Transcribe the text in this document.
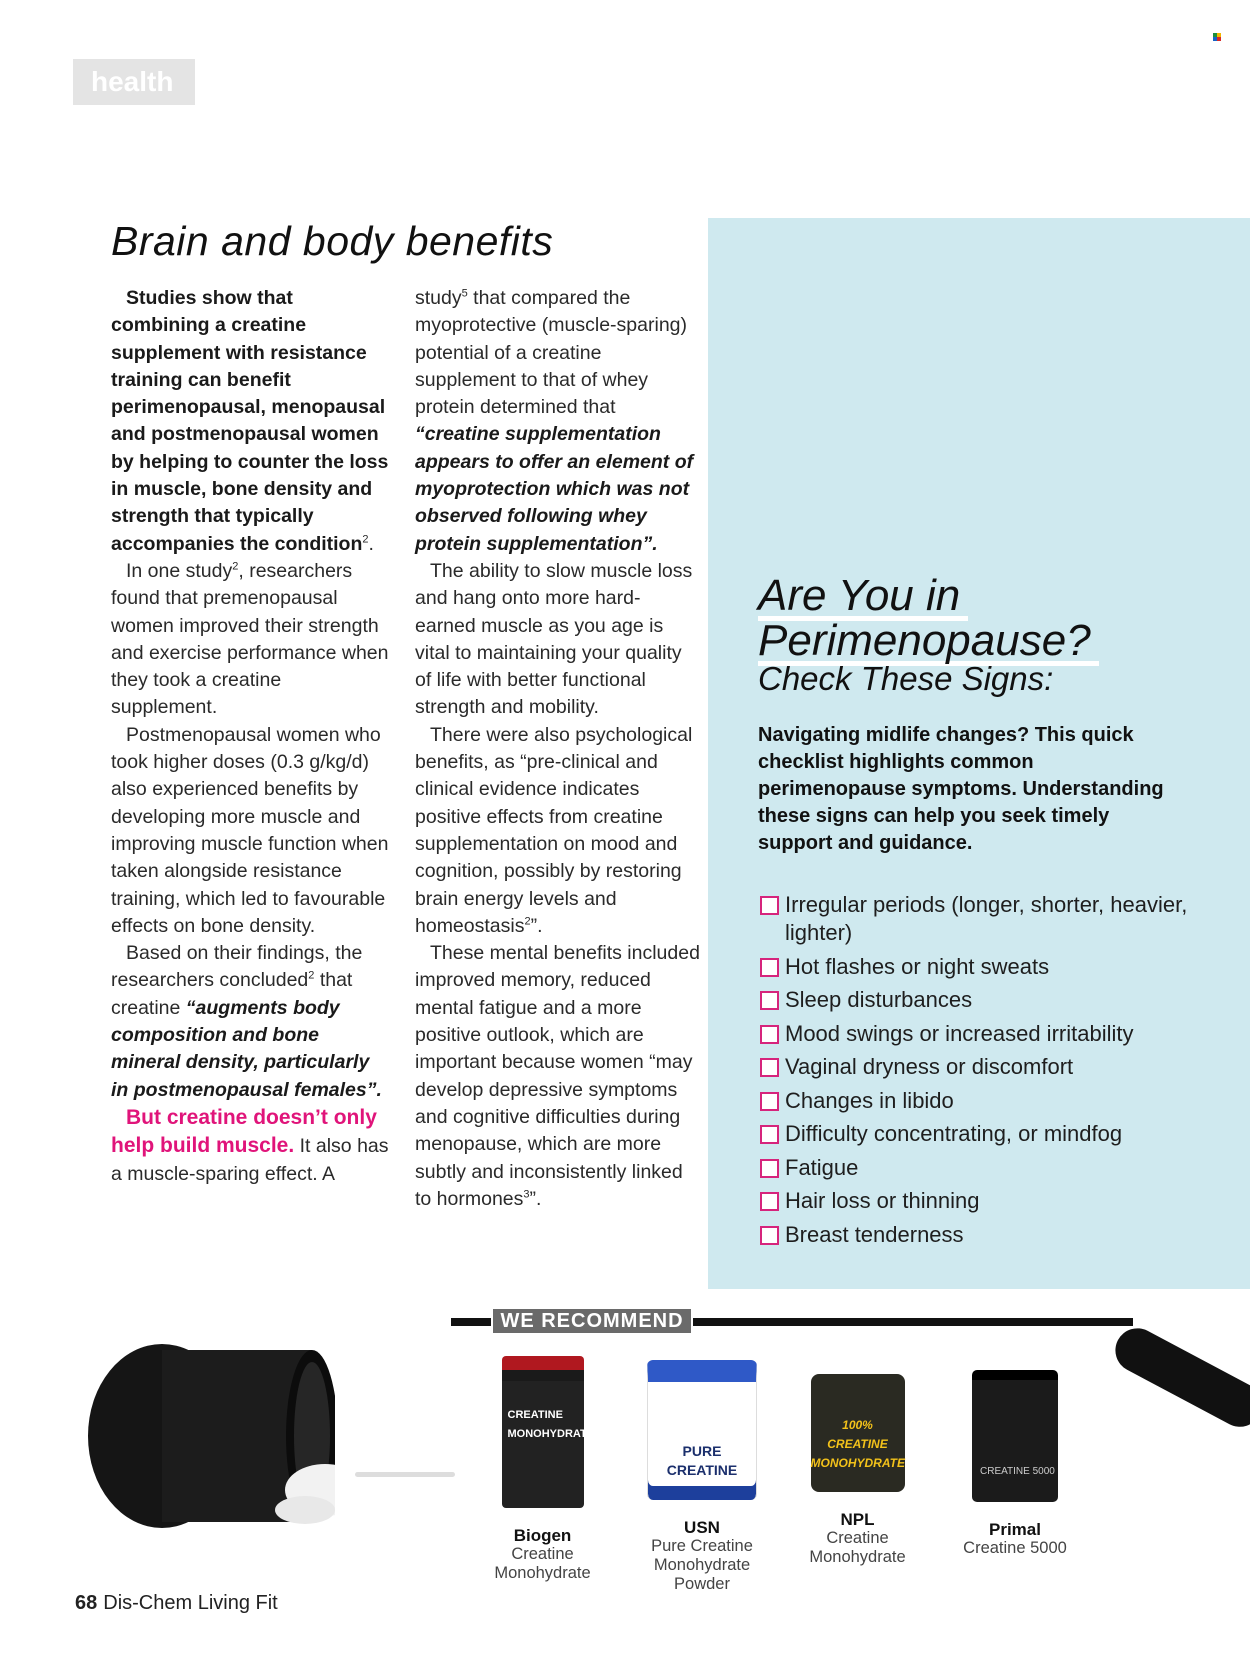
health
Brain and body benefits

Studies show that combining a creatine supplement with resistance training can benefit perimenopausal, menopausal and postmenopausal women by helping to counter the loss in muscle, bone density and strength that typically accompanies the condition$^2$.

In one study$^2$, researchers found that premenopausal women improved their strength and exercise performance when they took a creatine supplement.

Postmenopausal women who took higher doses (0.3 g/kg/d) also experienced benefits by developing more muscle and improving muscle function when taken alongside resistance training, which led to favourable effects on bone density.

Based on their findings, the researchers concluded$^2$ that creatine “augments body composition and bone mineral density, particularly in postmenopausal females”.

But creatine doesn’t only help build muscle. It also has a muscle-sparing effect. A

study$^5$ that compared the myoprotective (muscle-sparing) potential of a creatine supplement to that of whey protein determined that “creatine supplementation appears to offer an element of myoprotection which was not observed following whey protein supplementation”.

The ability to slow muscle loss and hang onto more hard-earned muscle as you age is vital to maintaining your quality of life with better functional strength and mobility.

There were also psychological benefits, as “pre-clinical and clinical evidence indicates positive effects from creatine supplementation on mood and cognition, possibly by restoring brain energy levels and homeostasis$^2$”.

These mental benefits included improved memory, reduced mental fatigue and a more positive outlook, which are important because women “may develop depressive symptoms and cognitive difficulties during menopause, which are more subtly and inconsistently linked to hormones$^3$”.

Are You in
Perimenopause?
Check These Signs:
Navigating midlife changes? This quick checklist highlights common perimenopause symptoms. Understanding these signs can help you seek timely support and guidance.
Irregular periods (longer, shorter, heavier, lighter)
Hot flashes or night sweats
Sleep disturbances
Mood swings or increased irritability
Vaginal dryness or discomfort
Changes in libido
Difficulty concentrating, or mindfog
Fatigue
Hair loss or thinning
Breast tenderness
WE RECOMMEND
CREATINE MONOHYDRATE
Biogen
Creatine
Monohydrate
PURE CREATINE
USN
Pure Creatine
Monohydrate
Powder
100% CREATINE MONOHYDRATE
NPL
Creatine
Monohydrate
CREATINE 5000
Primal
Creatine 5000
68 Dis-Chem Living Fit
